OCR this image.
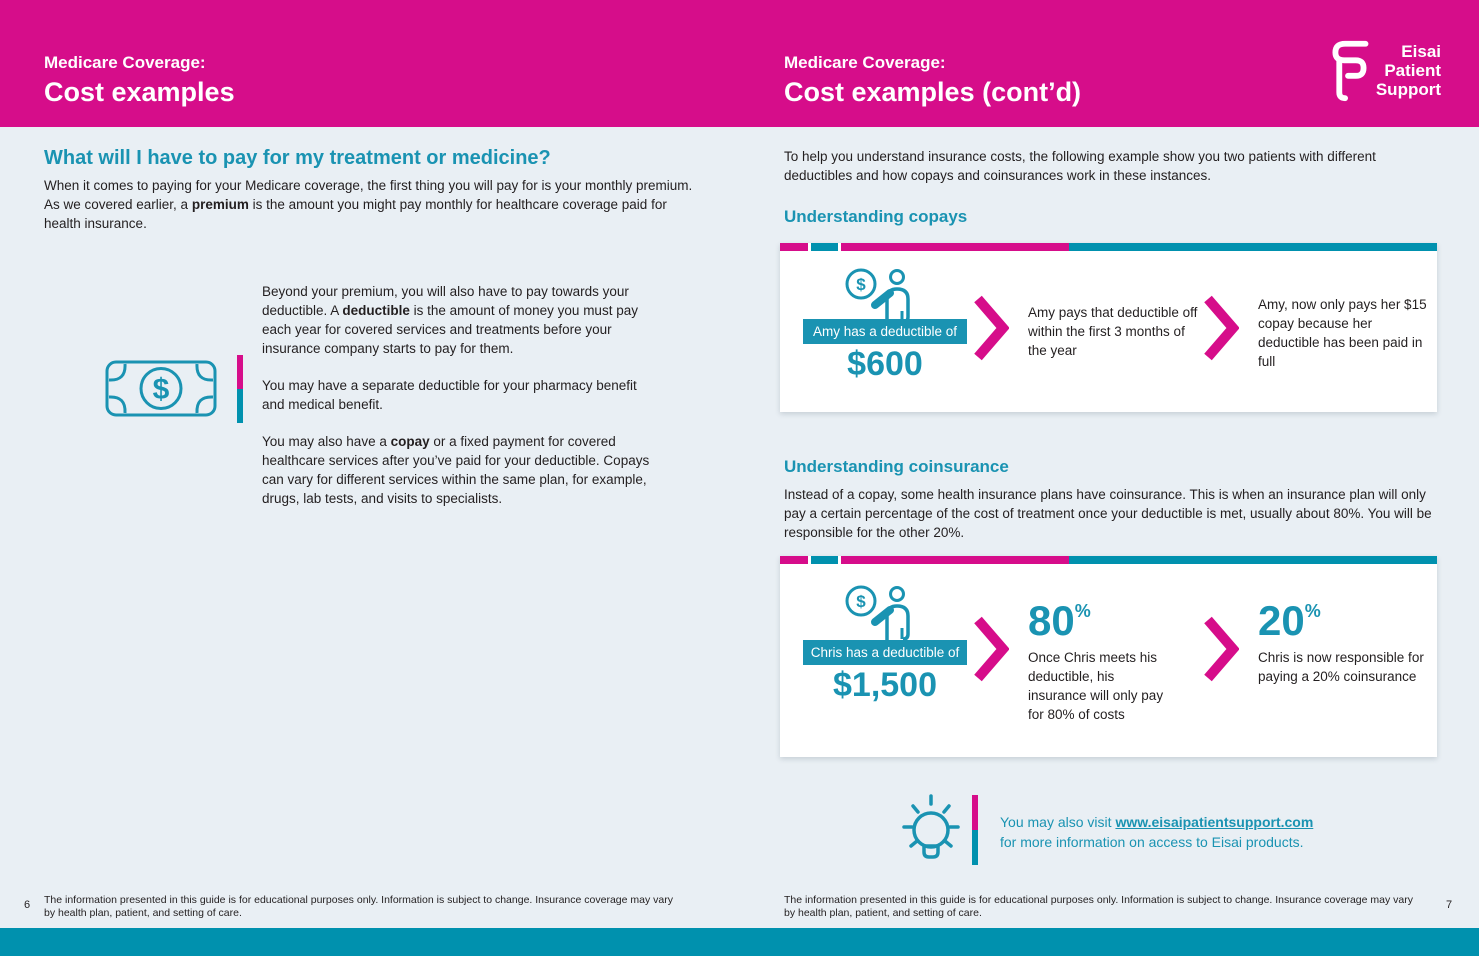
Medicare Coverage:
Cost examples
Medicare Coverage:
Cost examples (cont’d)
Eisai
Patient
Support
What will I have to pay for my treatment or medicine?

When it comes to paying for your Medicare coverage, the first thing you will pay for is your monthly premium. As we covered earlier, a premium is the amount you might pay monthly for healthcare coverage paid for health insurance.

$

Beyond your premium, you will also have to pay towards your deductible. A deductible is the amount of money you must pay each year for covered services and treatments before your insurance company starts to pay for them.

You may have a separate deductible for your pharmacy benefit and medical benefit.

You may also have a copay or a fixed payment for covered healthcare services after you’ve paid for your deductible. Copays can vary for different services within the same plan, for example, drugs, lab tests, and visits to specialists.

To help you understand insurance costs, the following example show you two patients with different deductibles and how copays and coinsurances work in these instances.

Understanding copays
$
Amy has a deductible of
$600
Amy pays that deductible off within the first 3 months of the year
Amy, now only pays her $15 copay because her deductible has been paid in full
Understanding coinsurance

Instead of a copay, some health insurance plans have coinsurance. This is when an insurance plan will only pay a certain percentage of the cost of treatment once your deductible is met, usually about 80%. You will be responsible for the other 20%.

$
Chris has a deductible of
$1,500
80%
Once Chris meets his deductible, his insurance will only pay for 80% of costs
20%
Chris is now responsible for paying a 20% coinsurance
You may also visit www.eisaipatientsupport.com
for more information on access to Eisai products.
6 The information presented in this guide is for educational purposes only. Information is subject to change. Insurance coverage may vary by health plan, patient, and setting of care.
The information presented in this guide is for educational purposes only. Information is subject to change. Insurance coverage may vary by health plan, patient, and setting of care.
7
